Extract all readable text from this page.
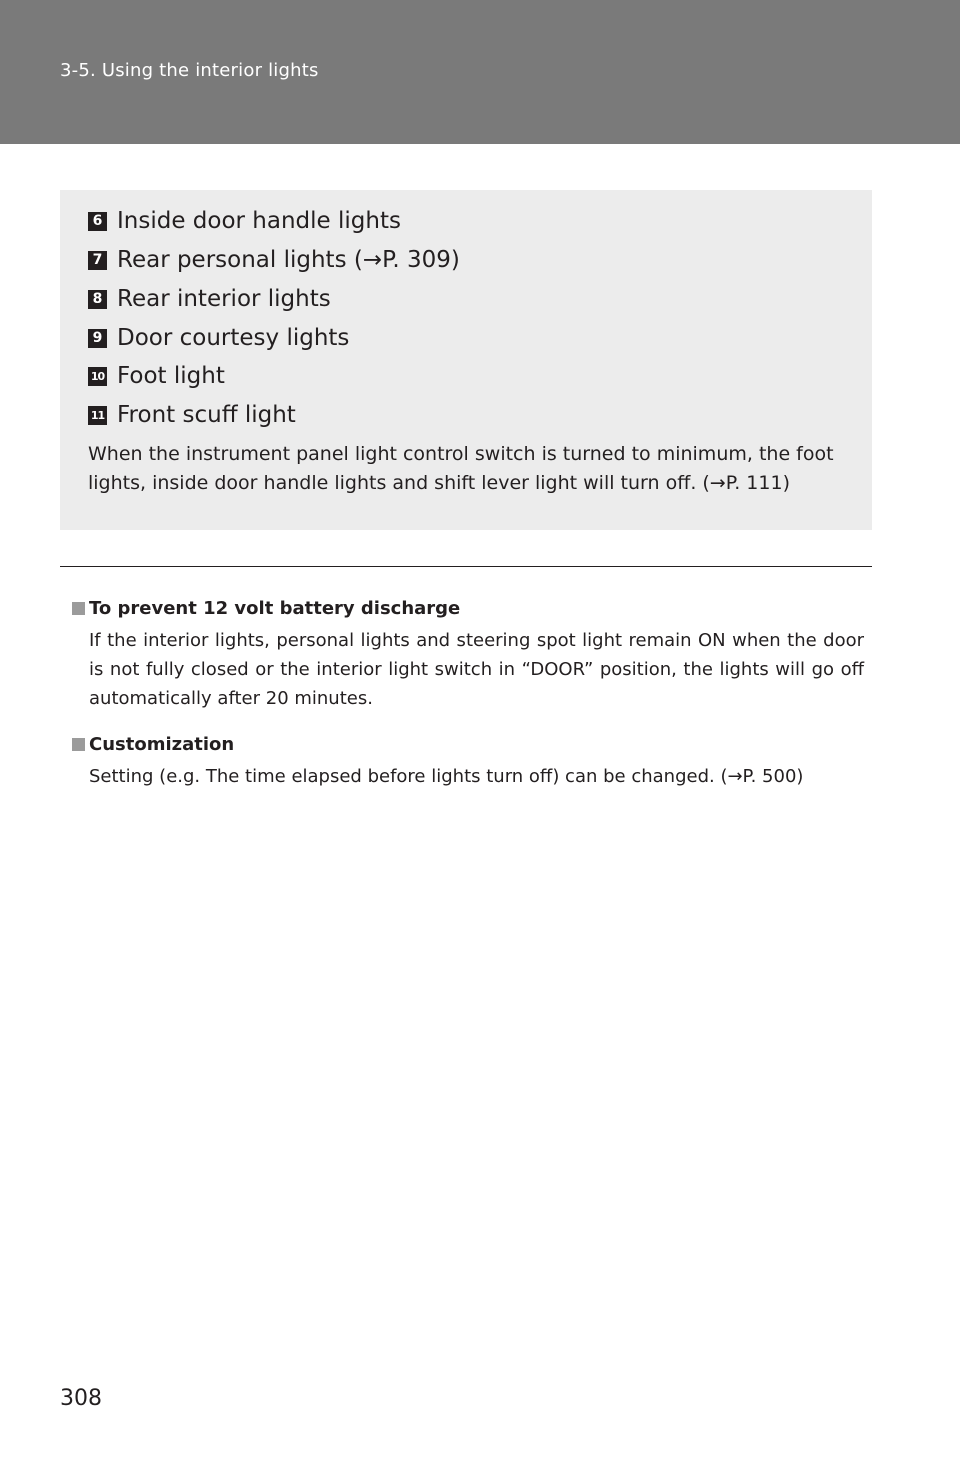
3-5. Using the interior lights
6 Inside door handle lights
7 Rear personal lights (→P. 309)
8 Rear interior lights
9 Door courtesy lights
10 Foot light
11 Front scuff light
When the instrument panel light control switch is turned to minimum, the foot lights, inside door handle lights and shift lever light will turn off. (→P. 111)
To prevent 12 volt battery discharge
If the interior lights, personal lights and steering spot light remain ON when the door is not fully closed or the interior light switch in “DOOR” position, the lights will go off automatically after 20 minutes.
Customization
Setting (e.g. The time elapsed before lights turn off) can be changed. (→P. 500)
308
